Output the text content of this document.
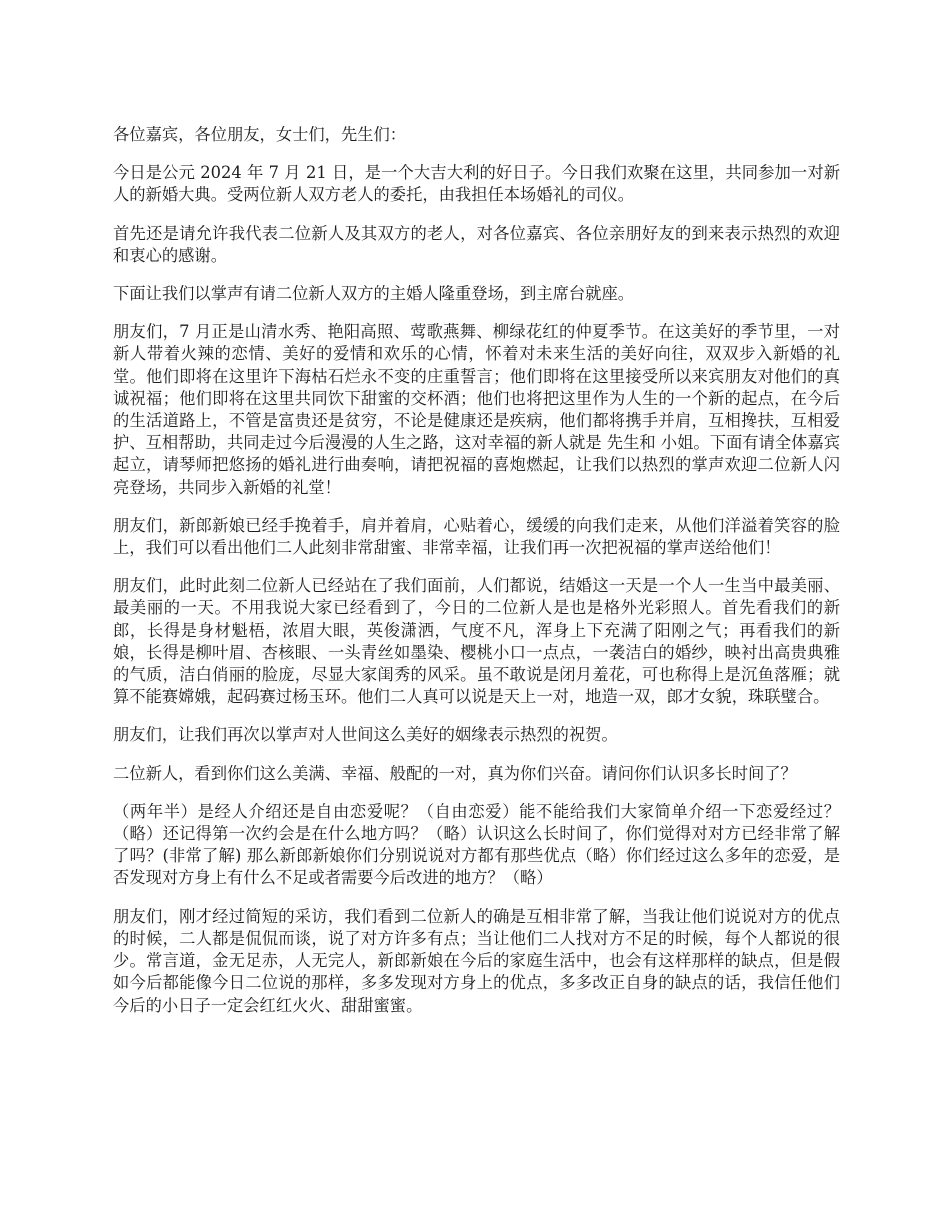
各位嘉宾，各位朋友，女士们，先生们：

今日是公元 2024 年 7 月 21 日，是一个大吉大利的好日子。今日我们欢聚在这里，共同参加一对新人的新婚大典。受两位新人双方老人的委托，由我担任本场婚礼的司仪。

首先还是请允许我代表二位新人及其双方的老人，对各位嘉宾、各位亲朋好友的到来表示热烈的欢迎和衷心的感谢。

下面让我们以掌声有请二位新人双方的主婚人隆重登场，到主席台就座。

朋友们，7 月正是山清水秀、艳阳高照、莺歌燕舞、柳绿花红的仲夏季节。在这美好的季节里，一对新人带着火辣的恋情、美好的爱情和欢乐的心情，怀着对未来生活的美好向往，双双步入新婚的礼堂。他们即将在这里许下海枯石烂永不变的庄重誓言；他们即将在这里接受所以来宾朋友对他们的真诚祝福；他们即将在这里共同饮下甜蜜的交杯酒；他们也将把这里作为人生的一个新的起点，在今后的生活道路上，不管是富贵还是贫穷，不论是健康还是疾病，他们都将携手并肩，互相搀扶，互相爱护、互相帮助，共同走过今后漫漫的人生之路，这对幸福的新人就是 先生和 小姐。下面有请全体嘉宾起立，请琴师把悠扬的婚礼进行曲奏响，请把祝福的喜炮燃起，让我们以热烈的掌声欢迎二位新人闪亮登场，共同步入新婚的礼堂！

朋友们，新郎新娘已经手挽着手，肩并着肩，心贴着心，缓缓的向我们走来，从他们洋溢着笑容的脸上，我们可以看出他们二人此刻非常甜蜜、非常幸福，让我们再一次把祝福的掌声送给他们！

朋友们，此时此刻二位新人已经站在了我们面前，人们都说，结婚这一天是一个人一生当中最美丽、最美丽的一天。不用我说大家已经看到了，今日的二位新人是也是格外光彩照人。首先看我们的新郎，长得是身材魁梧，浓眉大眼，英俊潇洒，气度不凡，浑身上下充满了阳刚之气；再看我们的新娘，长得是柳叶眉、杏核眼、一头青丝如墨染、樱桃小口一点点，一袭洁白的婚纱，映衬出高贵典雅的气质，洁白俏丽的脸庞，尽显大家闺秀的风采。虽不敢说是闭月羞花，可也称得上是沉鱼落雁；就算不能赛嫦娥，起码赛过杨玉环。他们二人真可以说是天上一对，地造一双，郎才女貌，珠联璧合。

朋友们，让我们再次以掌声对人世间这么美好的姻缘表示热烈的祝贺。

二位新人，看到你们这么美满、幸福、般配的一对，真为你们兴奋。请问你们认识多长时间了？

（两年半）是经人介绍还是自由恋爱呢？（自由恋爱）能不能给我们大家简单介绍一下恋爱经过？（略）还记得第一次约会是在什么地方吗？（略）认识这么长时间了，你们觉得对对方已经非常了解了吗？(非常了解) 那么新郎新娘你们分别说说对方都有那些优点（略）你们经过这么多年的恋爱，是否发现对方身上有什么不足或者需要今后改进的地方？（略）

朋友们，刚才经过简短的采访，我们看到二位新人的确是互相非常了解，当我让他们说说对方的优点的时候，二人都是侃侃而谈，说了对方许多有点；当让他们二人找对方不足的时候，每个人都说的很少。常言道，金无足赤，人无完人，新郎新娘在今后的家庭生活中，也会有这样那样的缺点，但是假如今后都能像今日二位说的那样，多多发现对方身上的优点，多多改正自身的缺点的话，我信任他们今后的小日子一定会红红火火、甜甜蜜蜜。
